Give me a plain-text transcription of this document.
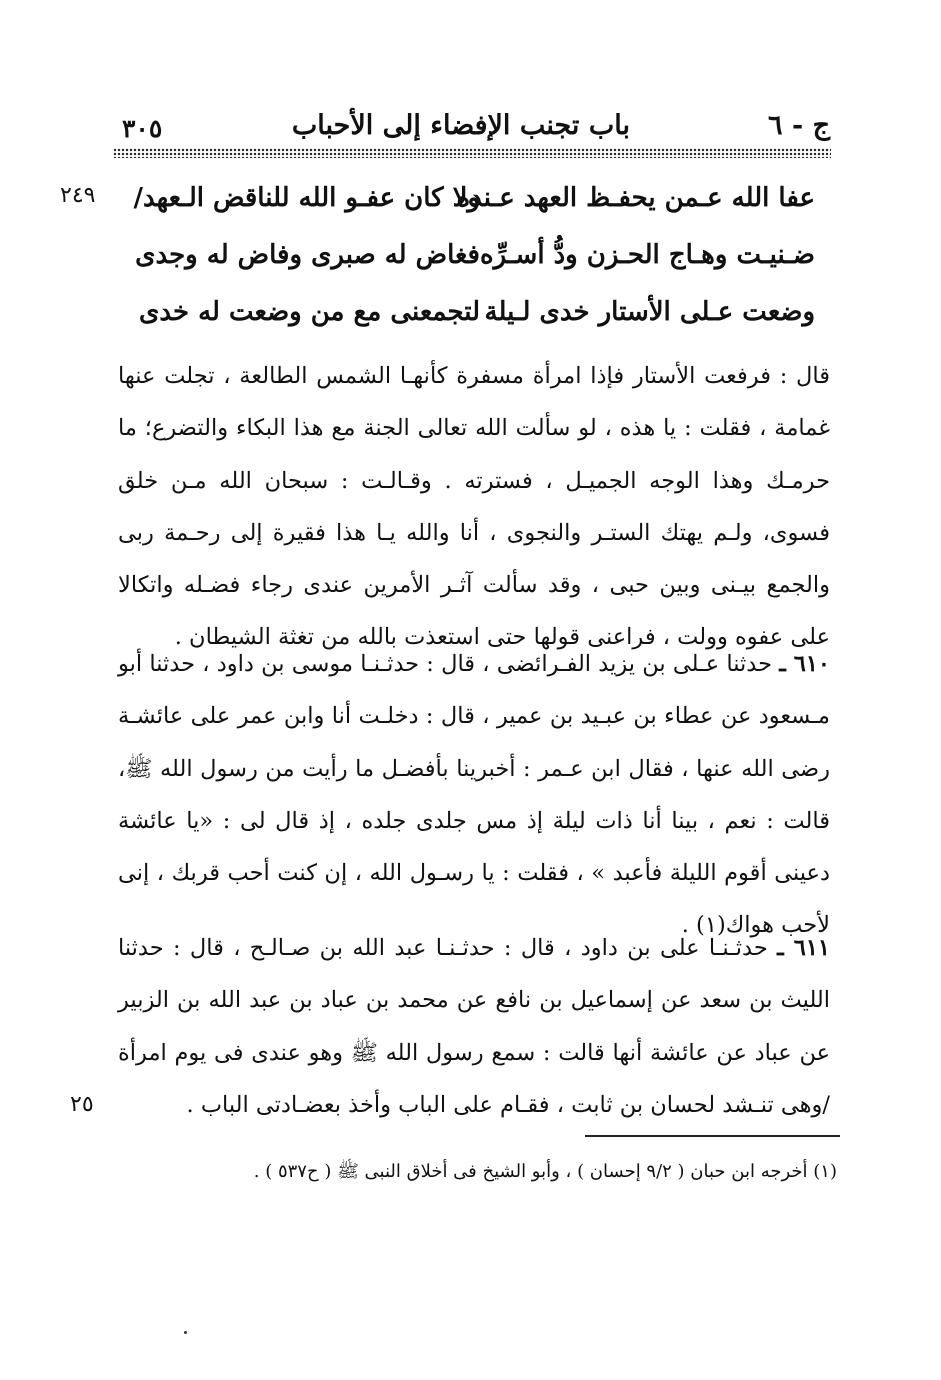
ج - ٦
باب تجنب الإفضاء إلى الأحباب
٣٠٥
عفا الله عـمن يحفـظ العهد عـنده
ولا كان عفـو الله للناقض الـعهد/
٢٤٩
ضـنيـت وهـاج الحـزن ودُّ أسـرِّه
فغاض له صبرى وفاض له وجدى
وضعت عـلى الأستار خدى لـيلة
لتجمعنى مع من وضعت له خدى

قال : فرفعت الأستار فإذا امرأة مسفرة كأنهـا الشمس الطالعة ، تجلت عنها غمامة ، فقلت : يا هذه ، لو سألت الله تعالى الجنة مع هذا البكاء والتضرع؛ ما حرمـك وهذا الوجه الجميـل ، فسترته . وقـالـت : سبحان الله مـن خلق فسوى، ولـم يهتك الستـر والنجوى ، أنا والله يـا هذا فقيرة إلى رحـمة ربى والجمع بيـنى وبين حبى ، وقد سألت آثـر الأمرين عندى رجاء فضـله واتكالا على عفوه وولت ، فراعنى قولها حتى استعذت بالله من تغثة الشيطان .

٦١٠ ـ حدثنا عـلى بن يزيد الفـرائضى ، قال : حدثـنـا موسى بن داود ، حدثنا أبو مـسعود عن عطاء بن عبـيد بن عمير ، قال : دخلـت أنا وابن عمر على عائشـة رضى الله عنها ، فقال ابن عـمر : أخبرينا بأفضـل ما رأيت من رسول الله ﷺ، قالت : نعم ، بينا أنا ذات ليلة إذ مس جلدى جلده ، إذ قال لى : «يا عائشة دعينى أقوم الليلة فأعبد » ، فقلت : يا رسـول الله ، إن كنت أحب قربك ، إنى لأحب هواك(١) .

٦١١ ـ حدثـنـا على بن داود ، قال : حدثـنـا عبد الله بن صـالـح ، قال : حدثنا الليث بن سعد عن إسماعيل بن نافع عن محمد بن عباد بن عبد الله بن الزبير عن عباد عن عائشة أنها قالت : سمع رسول الله ﷺ وهو عندى فى يوم امرأة /وهى تنـشد لحسان بن ثابت ، فقـام على الباب وأخذ بعضـادتى الباب .
٢٥

(١) أخرجه ابن حبان ( ٩/٢ إحسان ) ، وأبو الشيخ فى أخلاق النبى ﷺ ( ح٥٣٧ ) .
